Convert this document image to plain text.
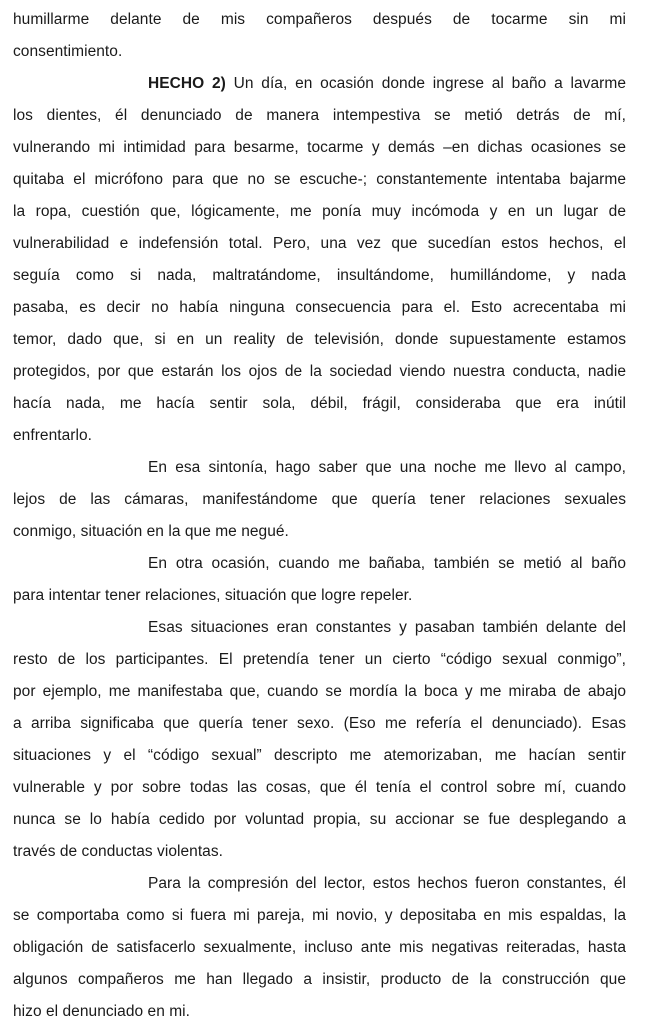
humillarme delante de mis compañeros después de tocarme sin mi
consentimiento.
HECHO 2) Un día, en ocasión donde ingrese al baño a lavarme
los dientes, él denunciado de manera intempestiva se metió detrás de mí,
vulnerando mi intimidad para besarme, tocarme y demás –en dichas ocasiones se
quitaba el micrófono para que no se escuche-; constantemente intentaba bajarme
la ropa, cuestión que, lógicamente, me ponía muy incómoda y en un lugar de
vulnerabilidad e indefensión total. Pero, una vez que sucedían estos hechos, el
seguía como si nada, maltratándome, insultándome, humillándome, y nada
pasaba, es decir no había ninguna consecuencia para el. Esto acrecentaba mi
temor, dado que, si en un reality de televisión, donde supuestamente estamos
protegidos, por que estarán los ojos de la sociedad viendo nuestra conducta, nadie
hacía nada, me hacía sentir sola, débil, frágil, consideraba que era inútil
enfrentarlo.
En esa sintonía, hago saber que una noche me llevo al campo,
lejos de las cámaras, manifestándome que quería tener relaciones sexuales
conmigo, situación en la que me negué.
En otra ocasión, cuando me bañaba, también se metió al baño
para intentar tener relaciones, situación que logre repeler.
Esas situaciones eran constantes y pasaban también delante del
resto de los participantes. El pretendía tener un cierto “código sexual conmigo”,
por ejemplo, me manifestaba que, cuando se mordía la boca y me miraba de abajo
a arriba significaba que quería tener sexo. (Eso me refería el denunciado). Esas
situaciones y el “código sexual” descripto me atemorizaban, me hacían sentir
vulnerable y por sobre todas las cosas, que él tenía el control sobre mí, cuando
nunca se lo había cedido por voluntad propia, su accionar se fue desplegando a
través de conductas violentas.
Para la compresión del lector, estos hechos fueron constantes, él
se comportaba como si fuera mi pareja, mi novio, y depositaba en mis espaldas, la
obligación de satisfacerlo sexualmente, incluso ante mis negativas reiteradas, hasta
algunos compañeros me han llegado a insistir, producto de la construcción que
hizo el denunciado en mi.
